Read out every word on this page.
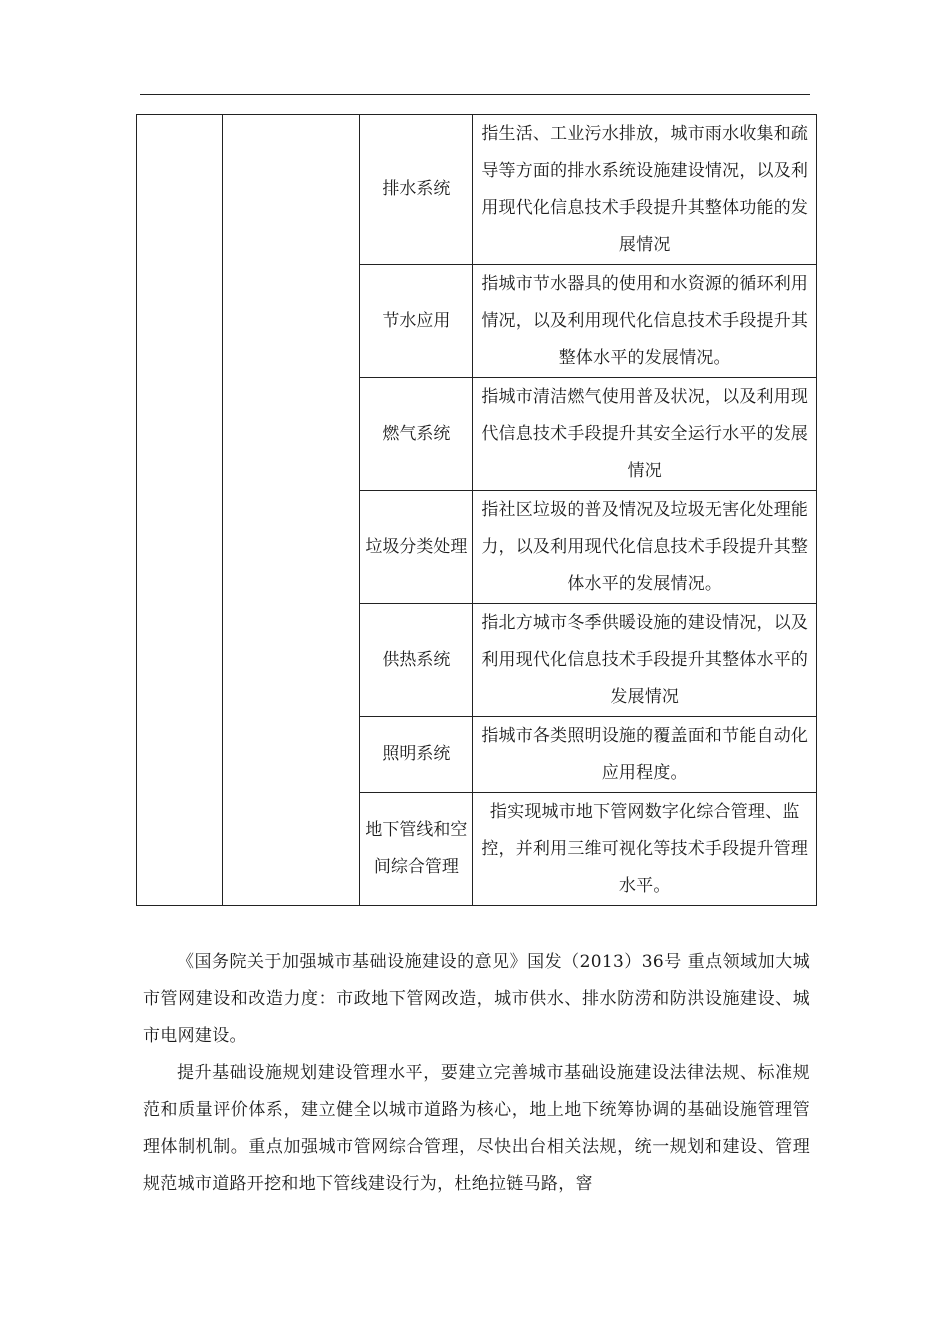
		排水系统	指生活、工业污水排放，城市雨水收集和疏导等方面的排水系统设施建设情况，以及利用现代化信息技术手段提升其整体功能的发展情况
		节水应用	指城市节水器具的使用和水资源的循环利用情况，以及利用现代化信息技术手段提升其整体水平的发展情况。
		燃气系统	指城市清洁燃气使用普及状况，以及利用现代信息技术手段提升其安全运行水平的发展情况
		垃圾分类处理	指社区垃圾的普及情况及垃圾无害化处理能力，以及利用现代化信息技术手段提升其整体水平的发展情况。
		供热系统	指北方城市冬季供暖设施的建设情况，以及利用现代化信息技术手段提升其整体水平的发展情况
		照明系统	指城市各类照明设施的覆盖面和节能自动化应用程度。
		地下管线和空间综合管理	指实现城市地下管网数字化综合管理、监控，并利用三维可视化等技术手段提升管理水平。

《国务院关于加强城市基础设施建设的意见》国发（2013）36号 重点领域加大城市管网建设和改造力度：市政地下管网改造，城市供水、排水防涝和防洪设施建设、城市电网建设。

提升基础设施规划建设管理水平，要建立完善城市基础设施建设法律法规、标准规范和质量评价体系，建立健全以城市道路为核心，地上地下统筹协调的基础设施管理管理体制机制。重点加强城市管网综合管理，尽快出台相关法规，统一规划和建设、管理规范城市道路开挖和地下管线建设行为，杜绝拉链马路，窨
